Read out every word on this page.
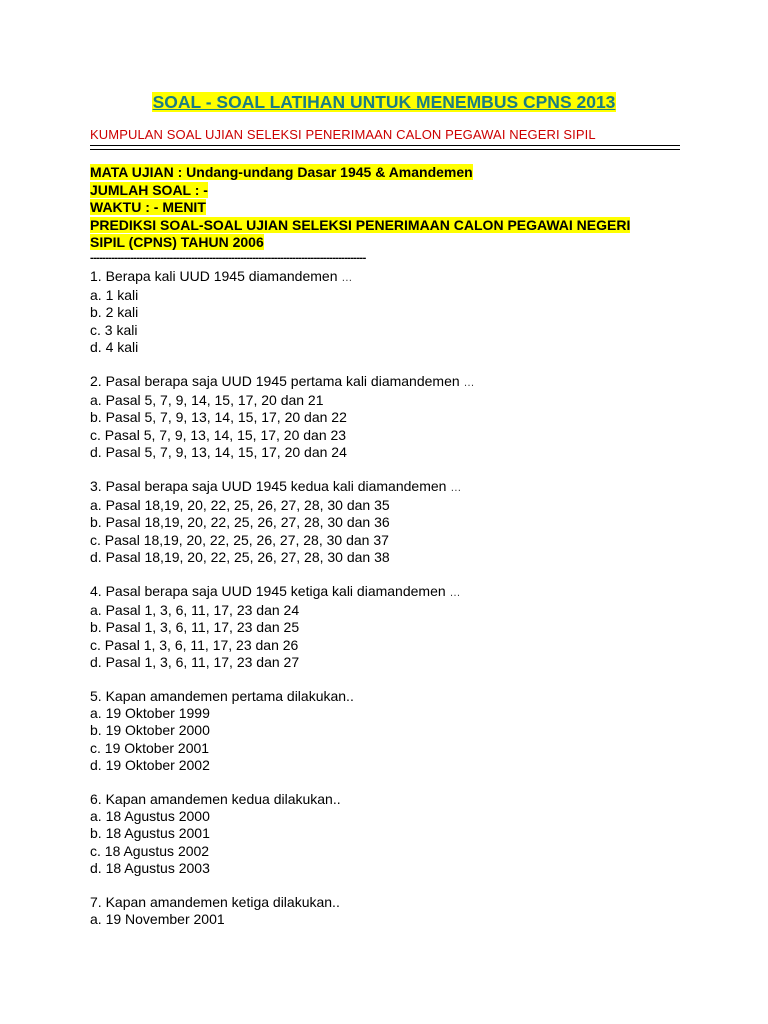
SOAL - SOAL LATIHAN UNTUK MENEMBUS CPNS 2013
KUMPULAN SOAL UJIAN SELEKSI PENERIMAAN CALON PEGAWAI NEGERI SIPIL
MATA UJIAN : Undang-undang Dasar 1945 & Amandemen
JUMLAH SOAL : -
WAKTU : - MENIT
PREDIKSI SOAL-SOAL UJIAN SELEKSI PENERIMAAN CALON PEGAWAI NEGERI
SIPIL (CPNS) TAHUN 2006
------------------------------------------------------------------------------------------
1. Berapa kali UUD 1945 diamandemen …
a. 1 kali
b. 2 kali
c. 3 kali
d. 4 kali
2. Pasal berapa saja UUD 1945 pertama kali diamandemen …
a. Pasal 5, 7, 9, 14, 15, 17, 20 dan 21
b. Pasal 5, 7, 9, 13, 14, 15, 17, 20 dan 22
c. Pasal 5, 7, 9, 13, 14, 15, 17, 20 dan 23
d. Pasal 5, 7, 9, 13, 14, 15, 17, 20 dan 24
3. Pasal berapa saja UUD 1945 kedua kali diamandemen …
a. Pasal 18,19, 20, 22, 25, 26, 27, 28, 30 dan 35
b. Pasal 18,19, 20, 22, 25, 26, 27, 28, 30 dan 36
c. Pasal 18,19, 20, 22, 25, 26, 27, 28, 30 dan 37
d. Pasal 18,19, 20, 22, 25, 26, 27, 28, 30 dan 38
4. Pasal berapa saja UUD 1945 ketiga kali diamandemen …
a. Pasal 1, 3, 6, 11, 17, 23 dan 24
b. Pasal 1, 3, 6, 11, 17, 23 dan 25
c. Pasal 1, 3, 6, 11, 17, 23 dan 26
d. Pasal 1, 3, 6, 11, 17, 23 dan 27
5. Kapan amandemen pertama dilakukan..
a. 19 Oktober 1999
b. 19 Oktober 2000
c. 19 Oktober 2001
d. 19 Oktober 2002
6. Kapan amandemen kedua dilakukan..
a. 18 Agustus 2000
b. 18 Agustus 2001
c. 18 Agustus 2002
d. 18 Agustus 2003
7. Kapan amandemen ketiga dilakukan..
a. 19 November 2001
